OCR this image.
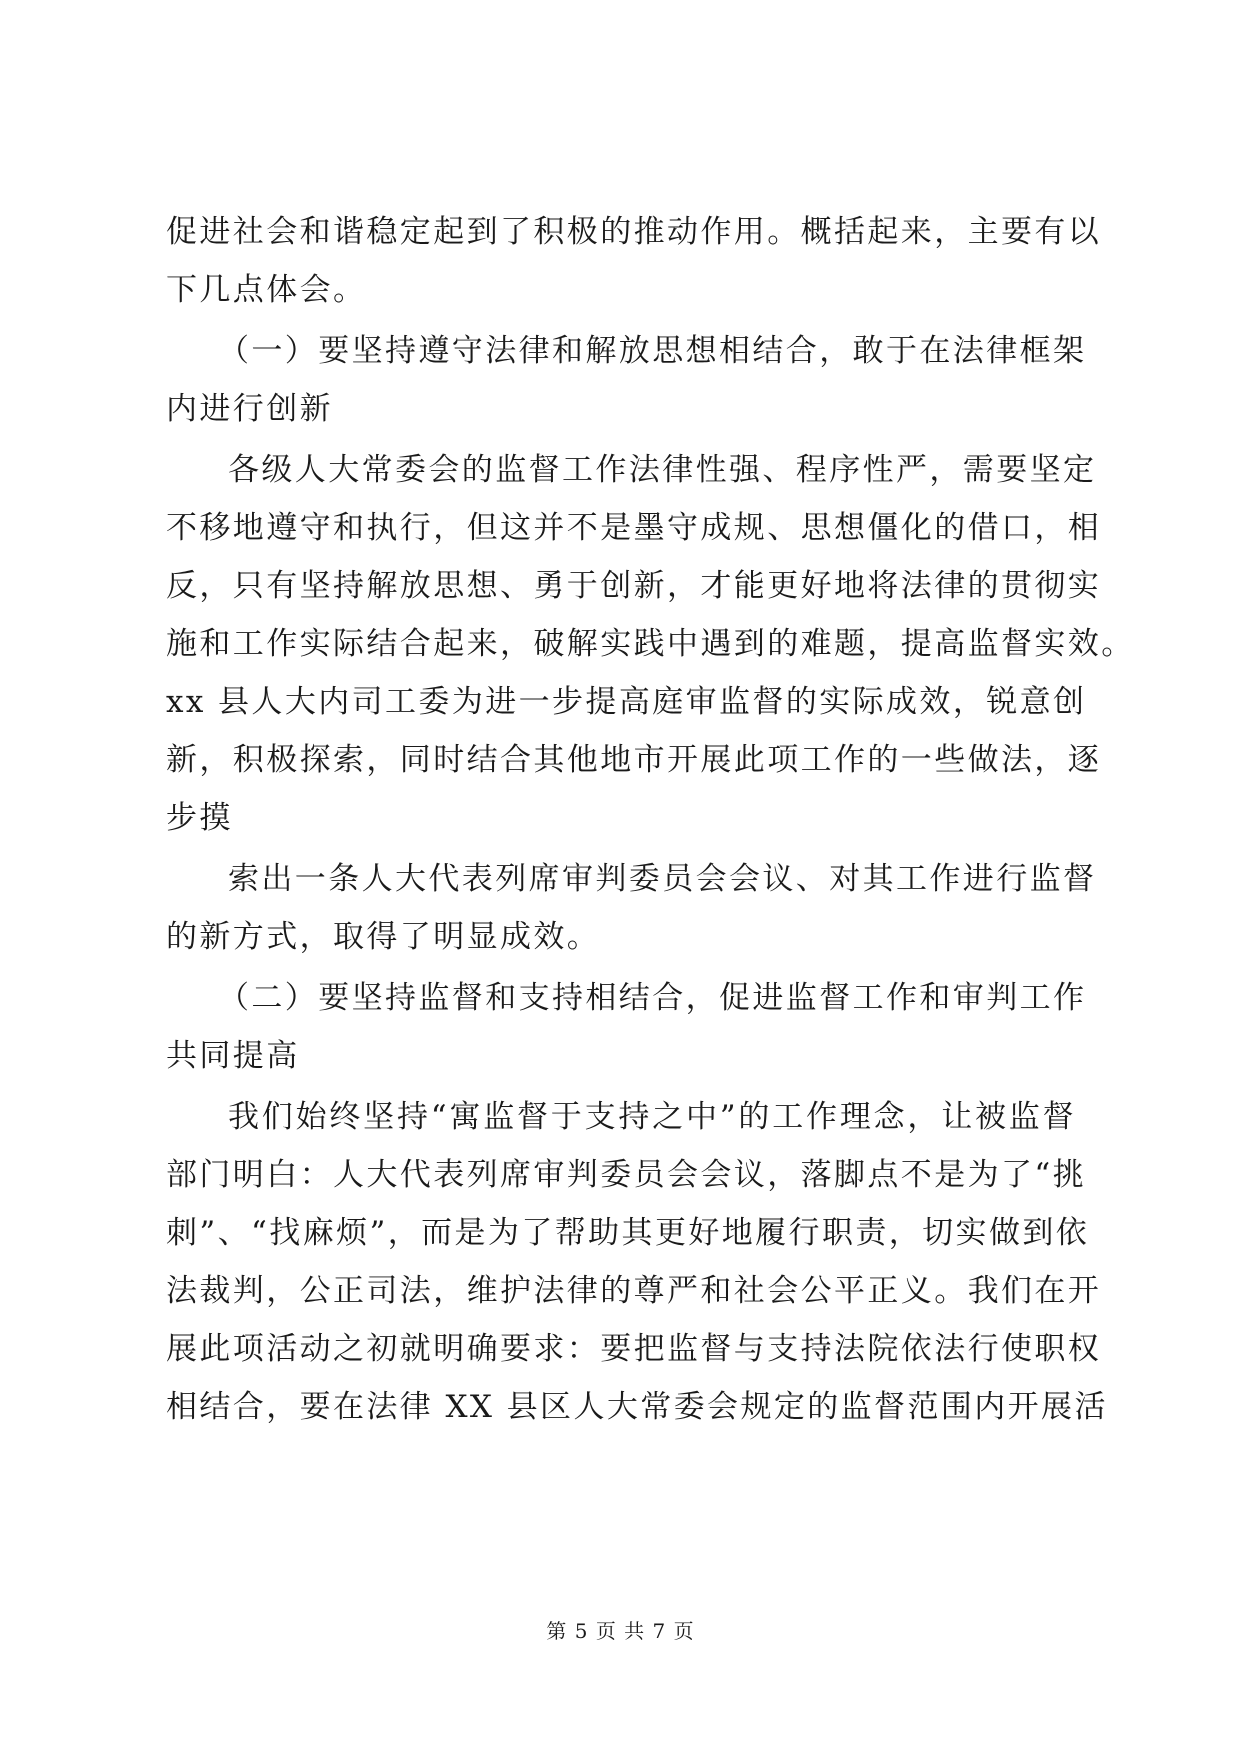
促进社会和谐稳定起到了积极的推动作用。概括起来，主要有以
下几点体会。
（一）要坚持遵守法律和解放思想相结合，敢于在法律框架
内进行创新
各级人大常委会的监督工作法律性强、程序性严，需要坚定
不移地遵守和执行，但这并不是墨守成规、思想僵化的借口，相
反，只有坚持解放思想、勇于创新，才能更好地将法律的贯彻实
施和工作实际结合起来，破解实践中遇到的难题，提高监督实效。
xx 县人大内司工委为进一步提高庭审监督的实际成效，锐意创
新，积极探索，同时结合其他地市开展此项工作的一些做法，逐
步摸
索出一条人大代表列席审判委员会会议、对其工作进行监督
的新方式，取得了明显成效。
（二）要坚持监督和支持相结合，促进监督工作和审判工作
共同提高
我们始终坚持“寓监督于支持之中”的工作理念，让被监督
部门明白：人大代表列席审判委员会会议，落脚点不是为了“挑
刺”、“找麻烦”，而是为了帮助其更好地履行职责，切实做到依
法裁判，公正司法，维护法律的尊严和社会公平正义。我们在开
展此项活动之初就明确要求：要把监督与支持法院依法行使职权
相结合，要在法律 XX 县区人大常委会规定的监督范围内开展活
第 5 页 共 7 页
